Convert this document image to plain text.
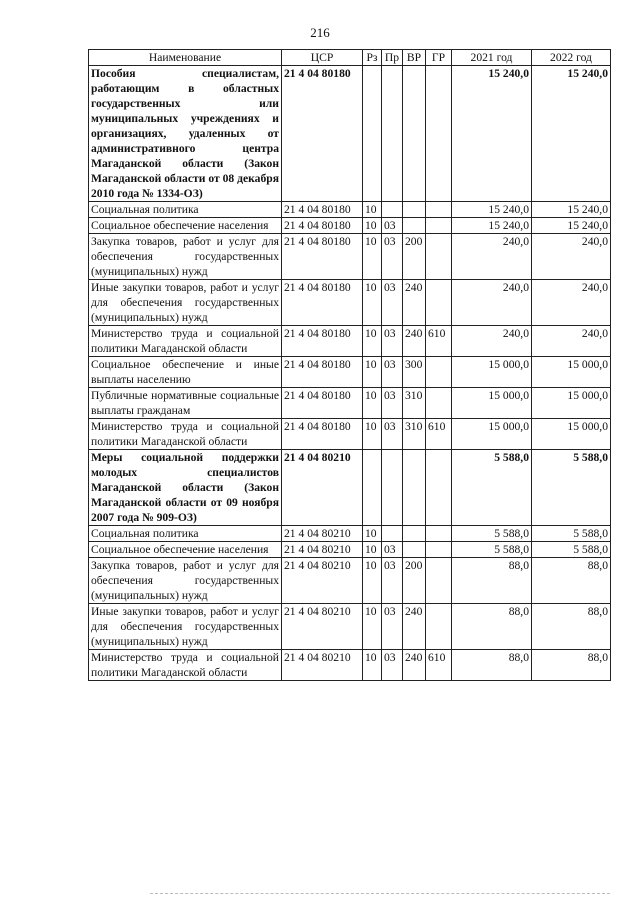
216
Наименование	ЦСР	Рз	Пр	ВР	ГР	2021 год	2022 год
Пособия специалистам, работающим в областных государственных или муниципальных учреждениях и организациях, удаленных от административного центра Магаданской области (Закон Магаданской области от 08 декабря 2010 года № 1334-ОЗ)	21 4 04 80180					15 240,0	15 240,0
Социальная политика	21 4 04 80180	10				15 240,0	15 240,0
Социальное обеспечение населения	21 4 04 80180	10	03			15 240,0	15 240,0
Закупка товаров, работ и услуг для обеспечения государственных (муниципальных) нужд	21 4 04 80180	10	03	200		240,0	240,0
Иные закупки товаров, работ и услуг для обеспечения государственных (муниципальных) нужд	21 4 04 80180	10	03	240		240,0	240,0
Министерство труда и социальной политики Магаданской области	21 4 04 80180	10	03	240	610	240,0	240,0
Социальное обеспечение и иные выплаты населению	21 4 04 80180	10	03	300		15 000,0	15 000,0
Публичные нормативные социальные выплаты гражданам	21 4 04 80180	10	03	310		15 000,0	15 000,0
Министерство труда и социальной политики Магаданской области	21 4 04 80180	10	03	310	610	15 000,0	15 000,0
Меры социальной поддержки молодых специалистов Магаданской области (Закон Магаданской области от 09 ноября 2007 года № 909-ОЗ)	21 4 04 80210					5 588,0	5 588,0
Социальная политика	21 4 04 80210	10				5 588,0	5 588,0
Социальное обеспечение населения	21 4 04 80210	10	03			5 588,0	5 588,0
Закупка товаров, работ и услуг для обеспечения государственных (муниципальных) нужд	21 4 04 80210	10	03	200		88,0	88,0
Иные закупки товаров, работ и услуг для обеспечения государственных (муниципальных) нужд	21 4 04 80210	10	03	240		88,0	88,0
Министерство труда и социальной политики Магаданской области	21 4 04 80210	10	03	240	610	88,0	88,0
